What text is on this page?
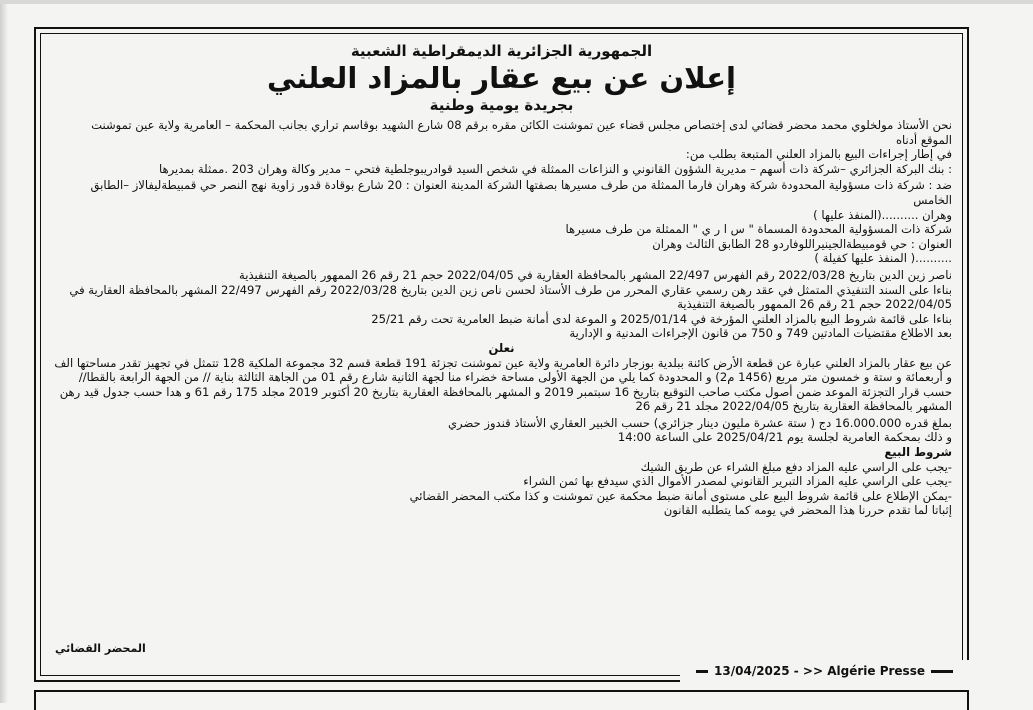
الجمهورية الجزائرية الديمقراطية الشعبية

إعلان عن بيع عقار بالمزاد العلني

بجريدة يومية وطنية

نحن الأستاذ مولخلوي محمد محضر قضائي لدى إختصاص مجلس قضاء عين تموشنت الكائن مقره برقم 08 شارع الشهيد بوقاسم تراري بجانب المحكمة – العامرية ولاية عين تموشنت

الموقع أدناه

في إطار إجراءات البيع بالمزاد العلني المتبعة بطلب من:

: بنك البركة الجزائري –شركة ذات أسهم – مديرية الشؤون القانوني و النزاعات الممثلة في شخص السيد قوادريبوجلطية فتحي – مدير وكالة وهران 203 .ممثلة بمديرها

ضد : شركة ذات مسؤولية المحدودة شركة وهران فارما الممثلة من طرف مسيرها بصفتها الشركة المدينة العنوان : 20 شارع بوقادة قدور زاوية نهج النصر حي قمبيطةليفالاز –الطابق الخامس

وهران ..........(المنفذ عليها )

شركة ذات المسؤولية المحدودة المسماة " س ا ر ي " الممثلة من طرف مسيرها

العنوان : حي قومبيطةالجينيراللوفاردو 28 الطابق الثالث وهران

..........( المنفذ عليها كفيلة )

ناصر زين الدين بتاريخ 2022/03/28 رقم الفهرس 22/497 المشهر بالمحافظة العقارية في 2022/04/05 حجم 21 رقم 26 الممهور بالصيغة التنفيذية

بناءا على السند التنفيذي المتمثل في عقد رهن رسمي عقاري المحرر من طرف الأستاذ لحسن ناص زين الدين بتاريخ 2022/03/28 رقم الفهرس 22/497 المشهر بالمحافظة العقارية في 2022/04/05 حجم 21 رقم 26 الممهور بالصيغة التنفيذية

بناءا على قائمة شروط البيع بالمزاد العلني المؤرخة في 2025/01/14 و الموعة لدى أمانة ضبط العامرية تحت رقم 25/21

بعد الاطلاع مقتضيات المادتين 749 و 750 من قانون الإجراءات المدنية و الإدارية

نعلن

عن بيع عقار بالمزاد العلني عبارة عن قطعة الأرض كائنة ببلدية بوزجار دائرة العامرية ولاية عين تموشنت تجزئة 191 قطعة قسم 32 مجموعة الملكية 128 تتمثل في تجهيز تقدر مساحتها الف و أربعمائة و ستة و خمسون متر مربع (1456 م2) و المحدودة كما يلي من الجهة الأولى مساحة خضراء منا لجهة الثانية شارع رقم 01 من الجاهة الثالثة بناية // من الجهة الرابعة بالقطا// حسب قرار التجزئة الموعد ضمن أصول مكتب صاحب التوقيع بتاريخ 16 سبتمبر 2019 و المشهر بالمحافظة العقارية بتاريخ 20 أكتوبر 2019 مجلد 175 رقم 61 و هدا حسب جدول قيد رهن المشهر بالمحافظة العقارية بتاريخ 2022/04/05 مجلد 21 رقم 26

بملغ قدره 16.000.000 دج ( ستة عشرة مليون دينار جزائري) حسب الخبير العقاري الأستاذ قندوز حضري

و ذلك بمحكمة العامرية لجلسة يوم 2025/04/21 على الساعة 14:00

شروط البيع

-يجب على الراسي عليه المزاد دفع مبلغ الشراء عن طريق الشيك

-يجب على الراسي عليه المزاد التبرير القانوني لمصدر الأموال الذي سيدفع بها ثمن الشراء

-يمكن الإطلاع على قائمة شروط البيع على مستوى أمانة ضبط محكمة عين تموشنت و كذا مكتب المحضر القضائي

إثباتا لما تقدم حررنا هذا المحضر في يومه كما يتطلبه القانون

المحضر القضائي
13/04/2025 - >> Algérie Presse
